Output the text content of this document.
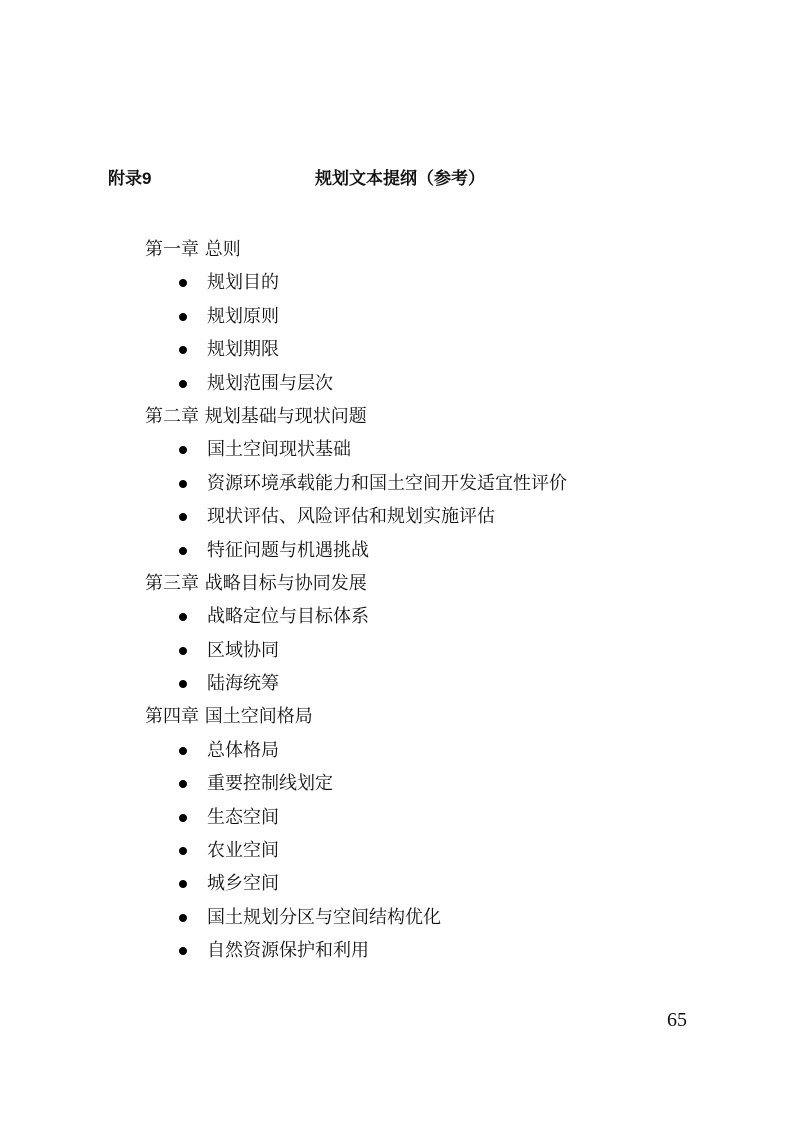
附录9	规划文本提纲（参考）
第一章 总则
规划目的
规划原则
规划期限
规划范围与层次
第二章 规划基础与现状问题
国土空间现状基础
资源环境承载能力和国土空间开发适宜性评价
现状评估、风险评估和规划实施评估
特征问题与机遇挑战
第三章 战略目标与协同发展
战略定位与目标体系
区域协同
陆海统筹
第四章 国土空间格局
总体格局
重要控制线划定
生态空间
农业空间
城乡空间
国土规划分区与空间结构优化
自然资源保护和利用
65
